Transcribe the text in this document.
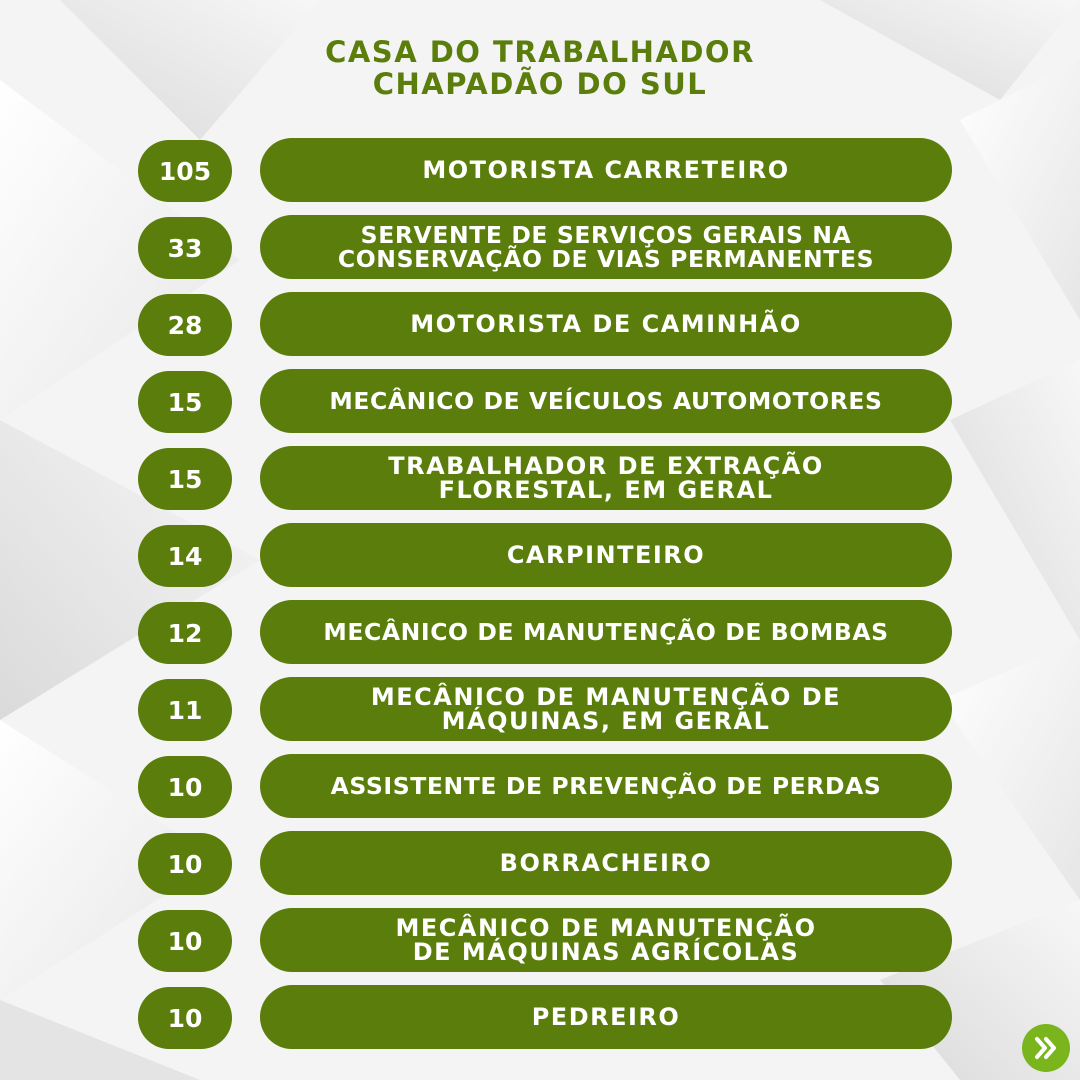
CASA DO TRABALHADOR
CHAPADÃO DO SUL
105	MOTORISTA CARRETEIRO
33	SERVENTE DE SERVIÇOS GERAIS NA
CONSERVAÇÃO DE VIAS PERMANENTES
28	MOTORISTA DE CAMINHÃO
15	MECÂNICO DE VEÍCULOS AUTOMOTORES
15	TRABALHADOR DE EXTRAÇÃO
FLORESTAL, EM GERAL
14	CARPINTEIRO
12	MECÂNICO DE MANUTENÇÃO DE BOMBAS
11	MECÂNICO DE MANUTENÇÃO DE
MÁQUINAS, EM GERAL
10	ASSISTENTE DE PREVENÇÃO DE PERDAS
10	BORRACHEIRO
10	MECÂNICO DE MANUTENÇÃO
DE MÁQUINAS AGRÍCOLAS
10	PEDREIRO
